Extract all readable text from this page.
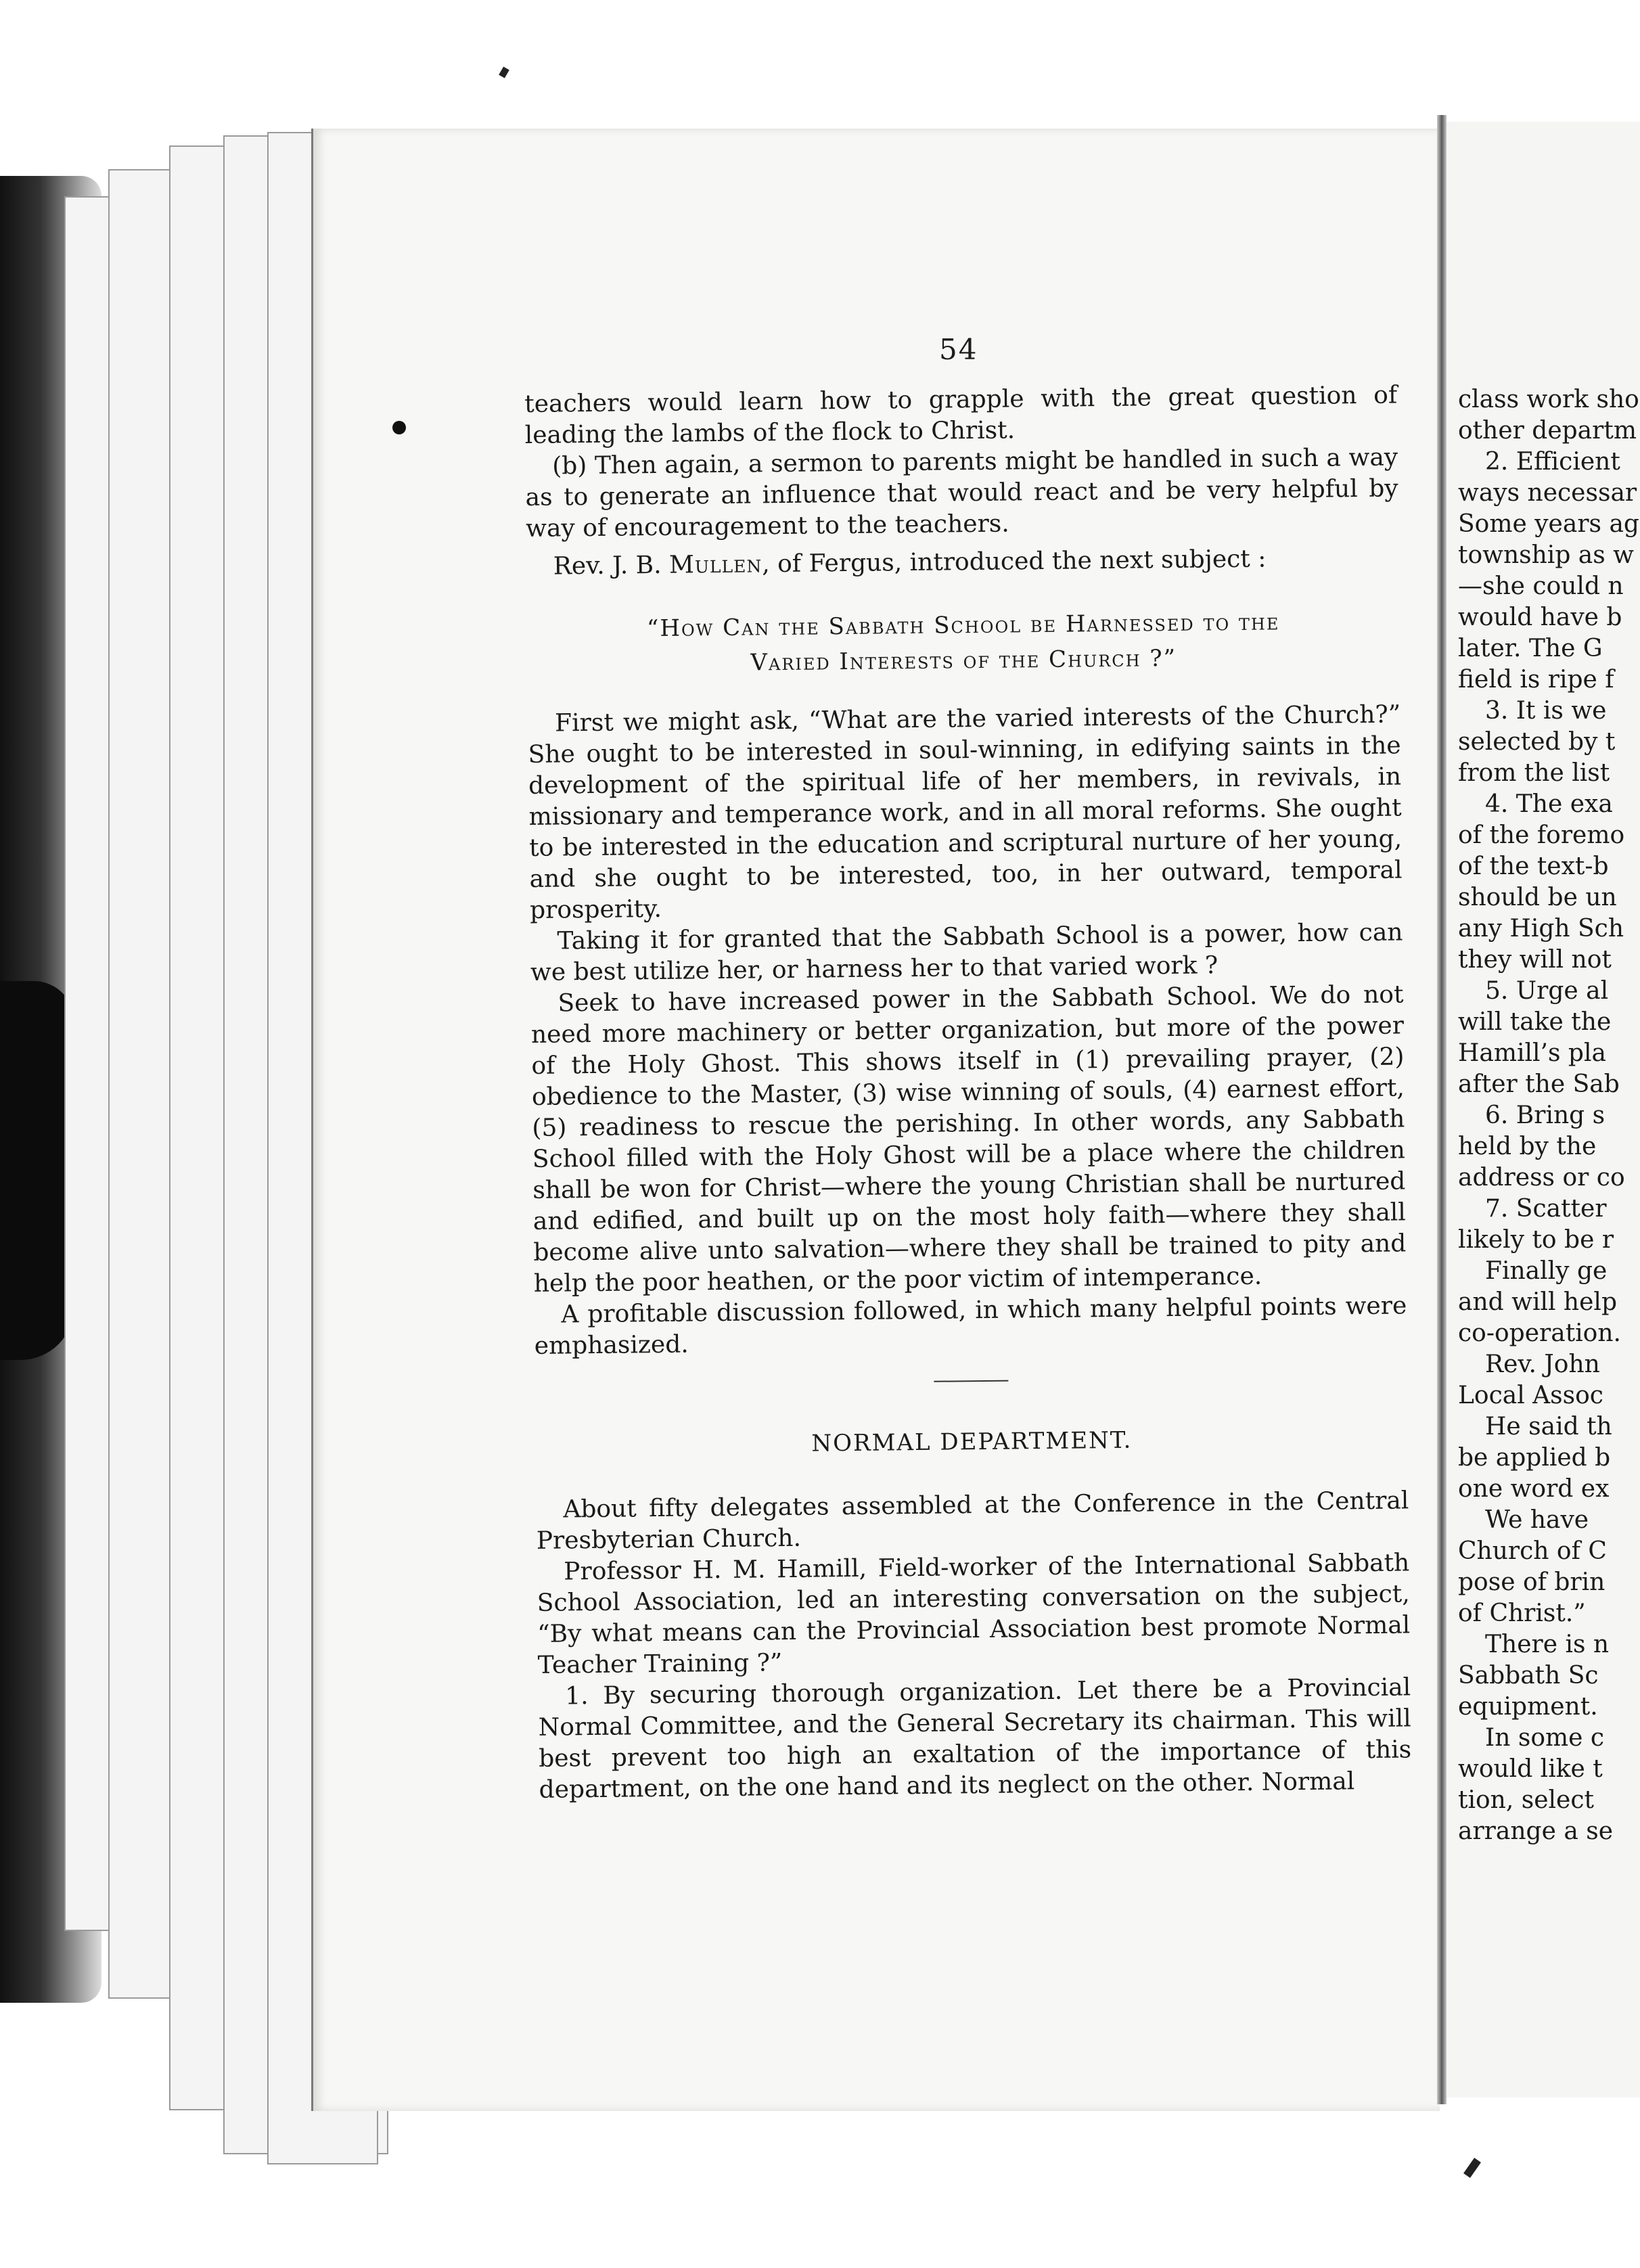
54

teachers would learn how to grapple with the great question of leading the lambs of the flock to Christ.

(b) Then again, a sermon to parents might be handled in such a way as to generate an influence that would react and be very helpful by way of encouragement to the teachers.

Rev. J. B. Mullen, of Fergus, introduced the next subject :

“How Can the Sabbath School be Harnessed to the
Varied Interests of the Church ?”

First we might ask, “What are the varied interests of the Church?” She ought to be interested in soul-winning, in edifying saints in the development of the spiritual life of her members, in revivals, in missionary and temperance work, and in all moral reforms. She ought to be interested in the education and scriptural nurture of her young, and she ought to be interested, too, in her outward, temporal prosperity.

Taking it for granted that the Sabbath School is a power, how can we best utilize her, or harness her to that varied work ?

Seek to have increased power in the Sabbath School. We do not need more machinery or better organization, but more of the power of the Holy Ghost. This shows itself in (1) prevailing prayer, (2) obedience to the Master, (3) wise winning of souls, (4) earnest effort, (5) readiness to rescue the perishing. In other words, any Sabbath School filled with the Holy Ghost will be a place where the children shall be won for Christ—where the young Christian shall be nurtured and edified, and built up on the most holy faith—where they shall become alive unto salvation—where they shall be trained to pity and help the poor heathen, or the poor victim of intemperance.

A profitable discussion followed, in which many helpful points were emphasized.

NORMAL DEPARTMENT.

About fifty delegates assembled at the Conference in the Central Presbyterian Church.

Professor H. M. Hamill, Field-worker of the International Sabbath School Association, led an interesting conversation on the subject, “By what means can the Provincial Association best promote Normal Teacher Training ?”

1. By securing thorough organization. Let there be a Provincial Normal Committee, and the General Secretary its chairman. This will best prevent too high an exaltation of the importance of this department, on the one hand and its neglect on the other. Normal

class work sho

other departm

2. Efficient

ways necessar

Some years ag

township as w

—she could n

would have b

later. The G

field is ripe f

3. It is we

selected by t

from the list

4. The exa

of the foremo

of the text-b

should be un

any High Sch

they will not

5. Urge al

will take the

Hamill’s pla

after the Sab

6. Bring s

held by the

address or co

7. Scatter

likely to be r

Finally ge

and will help

co-operation.

Rev. John

Local Assoc

He said th

be applied b

one word ex

We have

Church of C

pose of brin

of Christ.”

There is n

Sabbath Sc

equipment.

In some c

would like t

tion, select

arrange a se
